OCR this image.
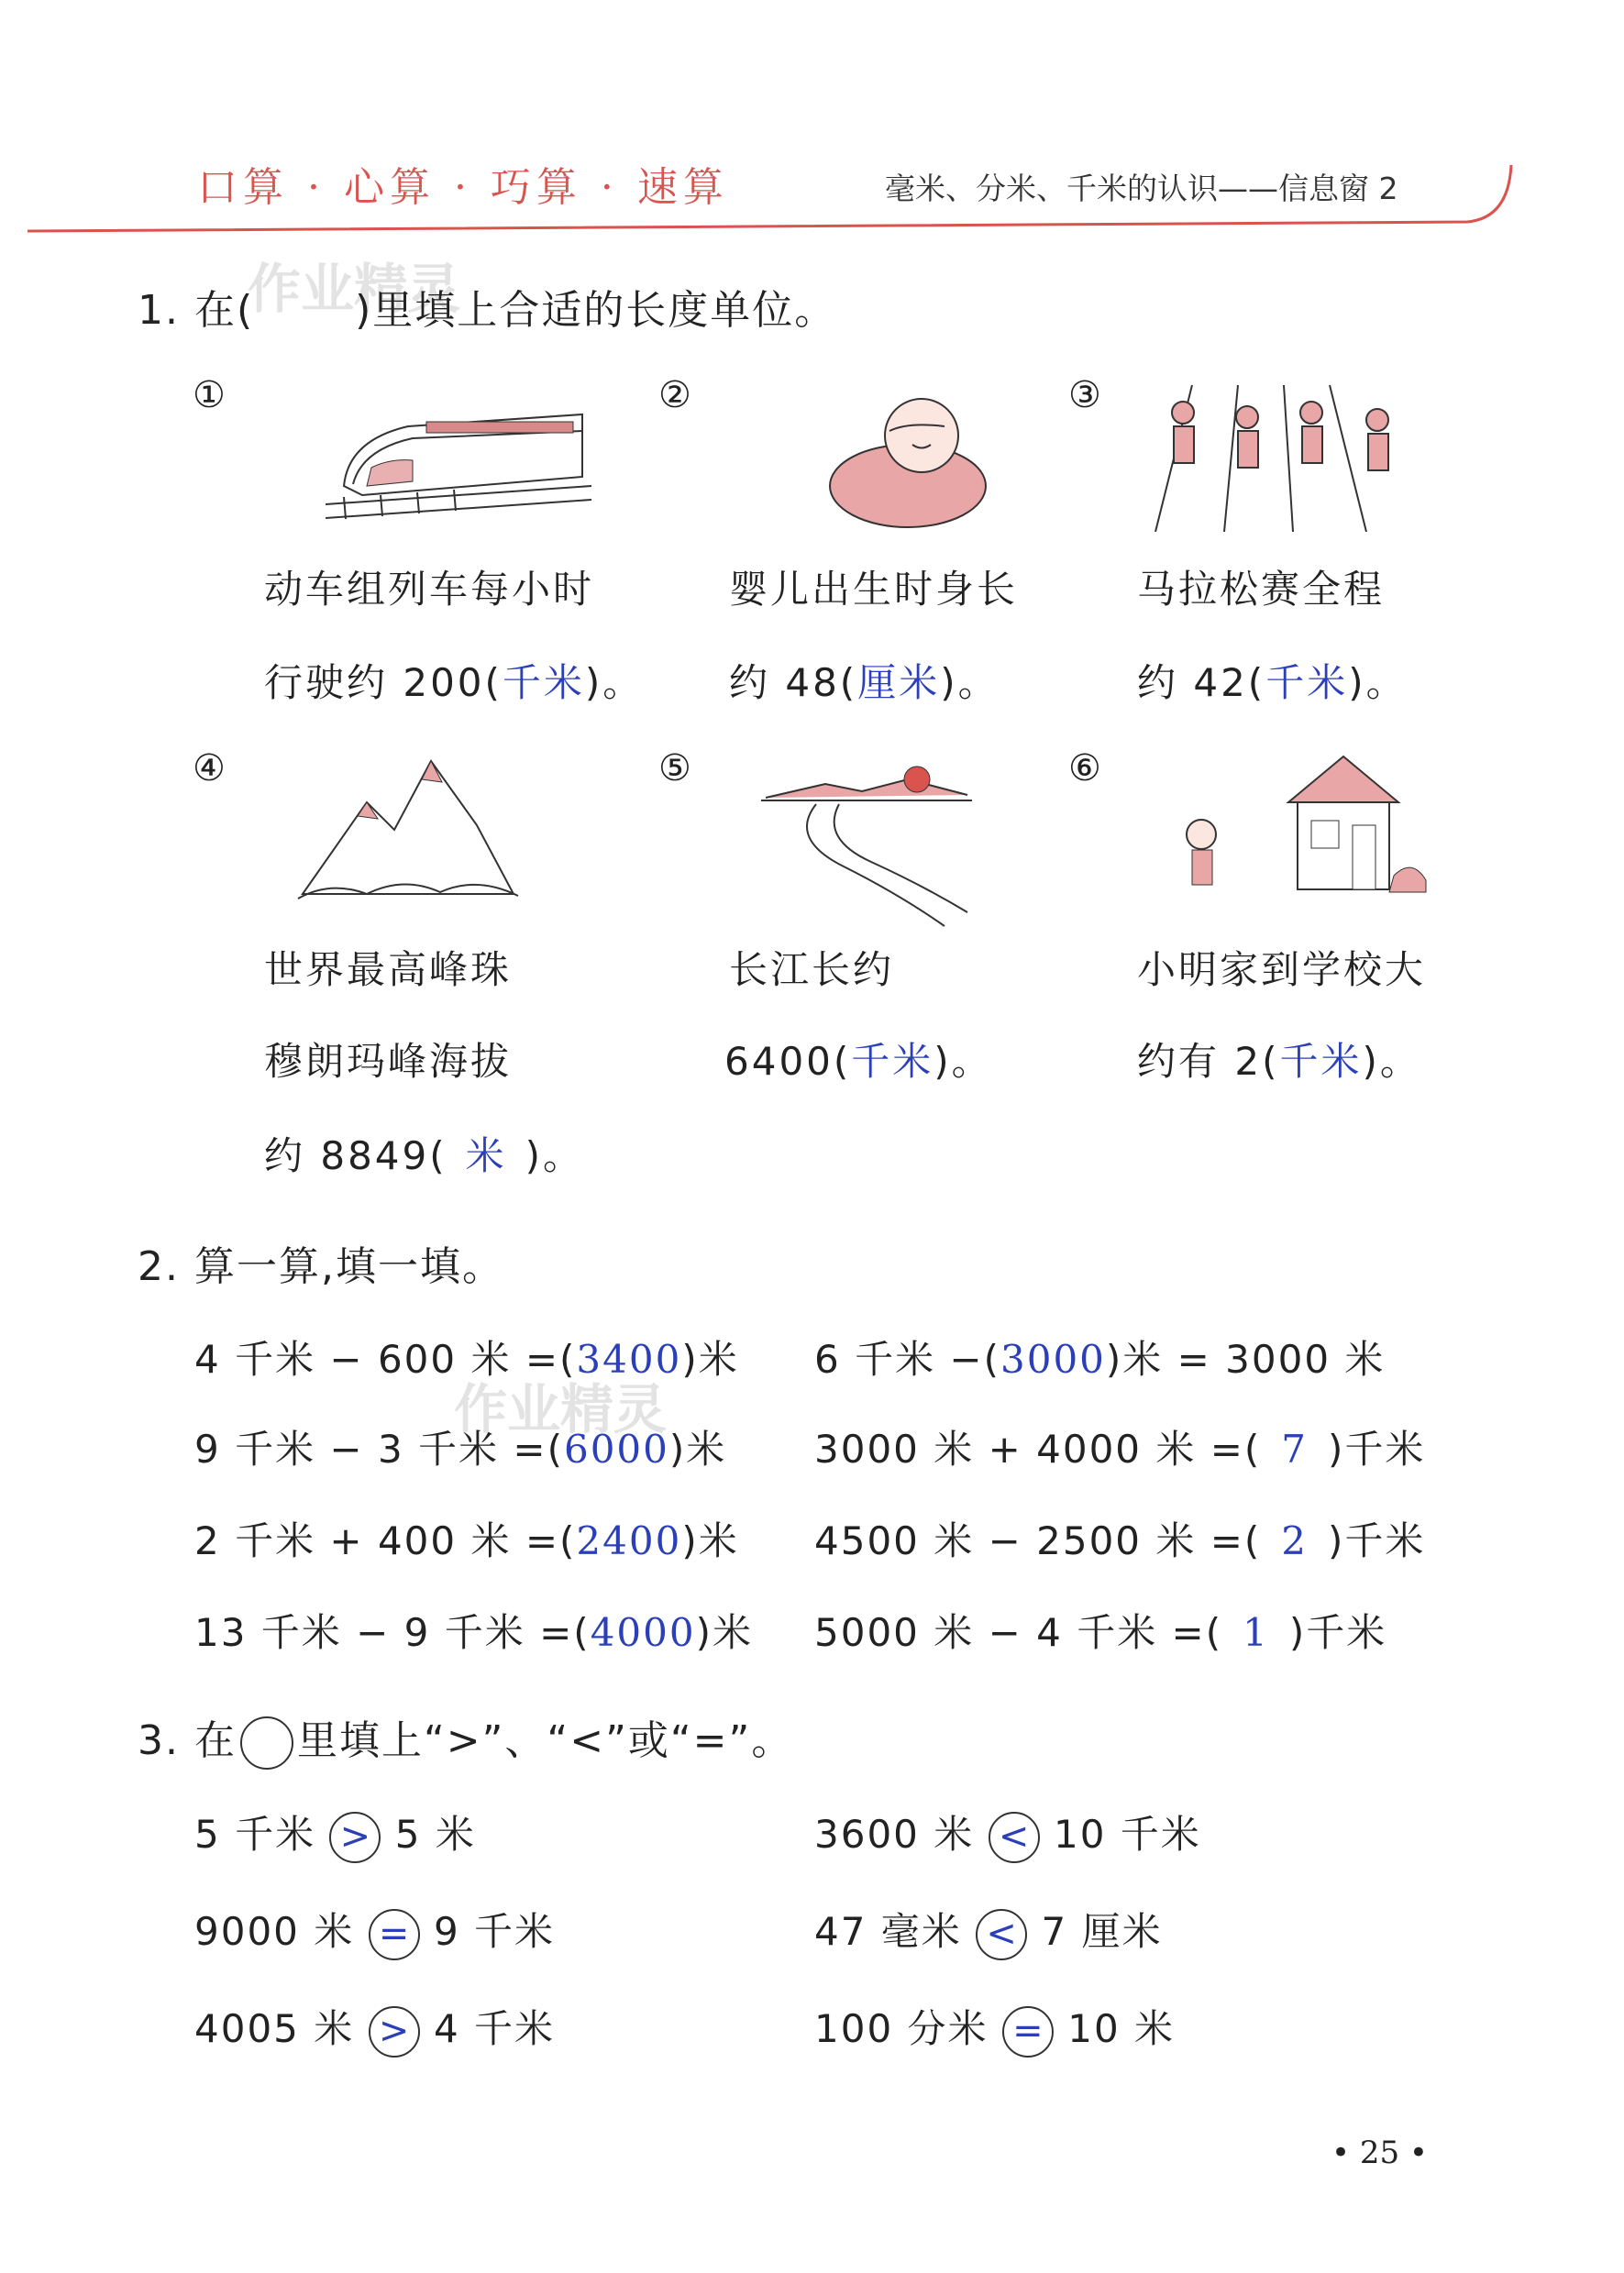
口算 · 心算 · 巧算 · 速算	毫米、分米、千米的认识——信息窗 2
作业精灵
作业精灵
1. 在(	)里填上合适的长度单位。
①
动车组列车每小时
行驶约 200(千米)。
②
婴儿出生时身长
约 48(厘米)。
③
马拉松赛全程
约 42(千米)。
④
世界最高峰珠
穆朗玛峰海拔
约 8849( 米 )。
⑤
长江长约
6400(千米)。
⑥
小明家到学校大
约有 2(千米)。
2. 算一算,填一填。
4 千米 − 600 米 =(3400)米
9 千米 − 3 千米 =(6000)米
2 千米 + 400 米 =(2400)米
13 千米 − 9 千米 =(4000)米
6 千米 −(3000)米 = 3000 米
3000 米 + 4000 米 =( 7 )千米
4500 米 − 2500 米 =( 2 )千米
5000 米 − 4 千米 =( 1 )千米
3. 在 里填上“>”、“<”或“=”。
5 千米 > 5 米
9000 米 = 9 千米
4005 米 > 4 千米
3600 米 < 10 千米
47 毫米 < 7 厘米
100 分米 = 10 米
• 25 •
